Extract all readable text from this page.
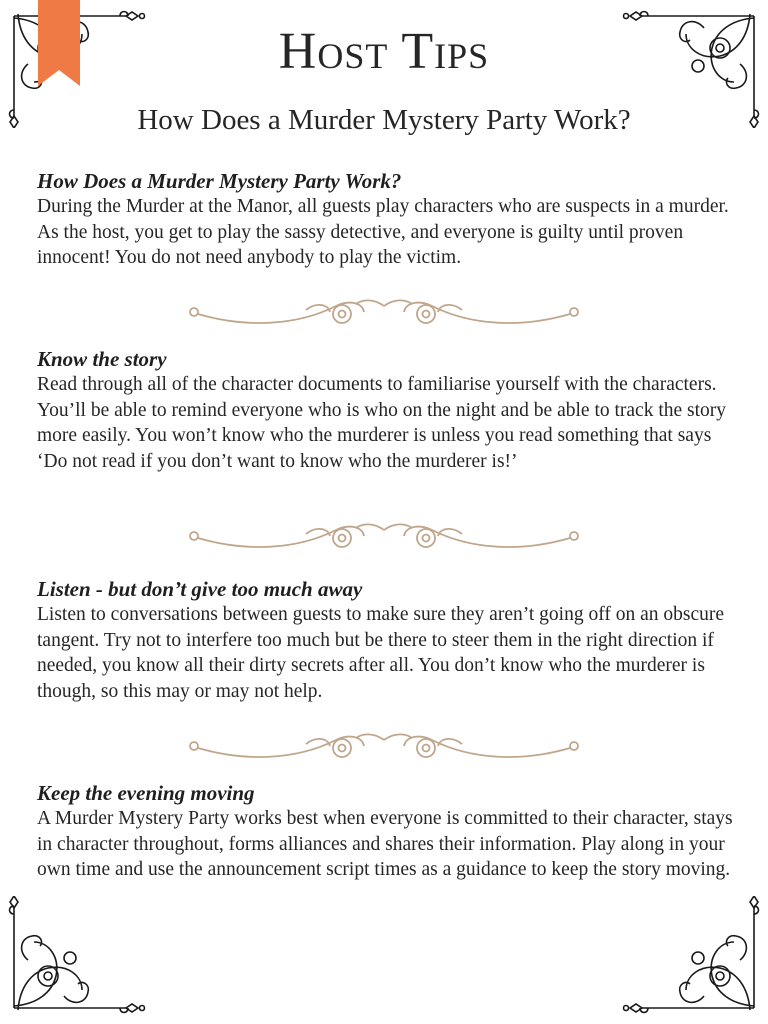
Host Tips
How Does a Murder Mystery Party Work?
How Does a Murder Mystery Party Work?

During the Murder at the Manor, all guests play characters who are suspects in a murder. As the host, you get to play the sassy detective, and everyone is guilty until proven innocent! You do not need anybody to play the victim.

Know the story

Read through all of the character documents to familiarise yourself with the characters. You’ll be able to remind everyone who is who on the night and be able to track the story more easily. You won’t know who the murderer is unless you read something that says ‘Do not read if you don’t want to know who the murderer is!’

Listen - but don’t give too much away

Listen to conversations between guests to make sure they aren’t going off on an obscure tangent. Try not to interfere too much but be there to steer them in the right direction if needed, you know all their dirty secrets after all. You don’t know who the murderer is though, so this may or may not help.

Keep the evening moving

A Murder Mystery Party works best when everyone is committed to their character, stays in character throughout, forms alliances and shares their information. Play along in your own time and use the announcement script times as a guidance to keep the story moving.
